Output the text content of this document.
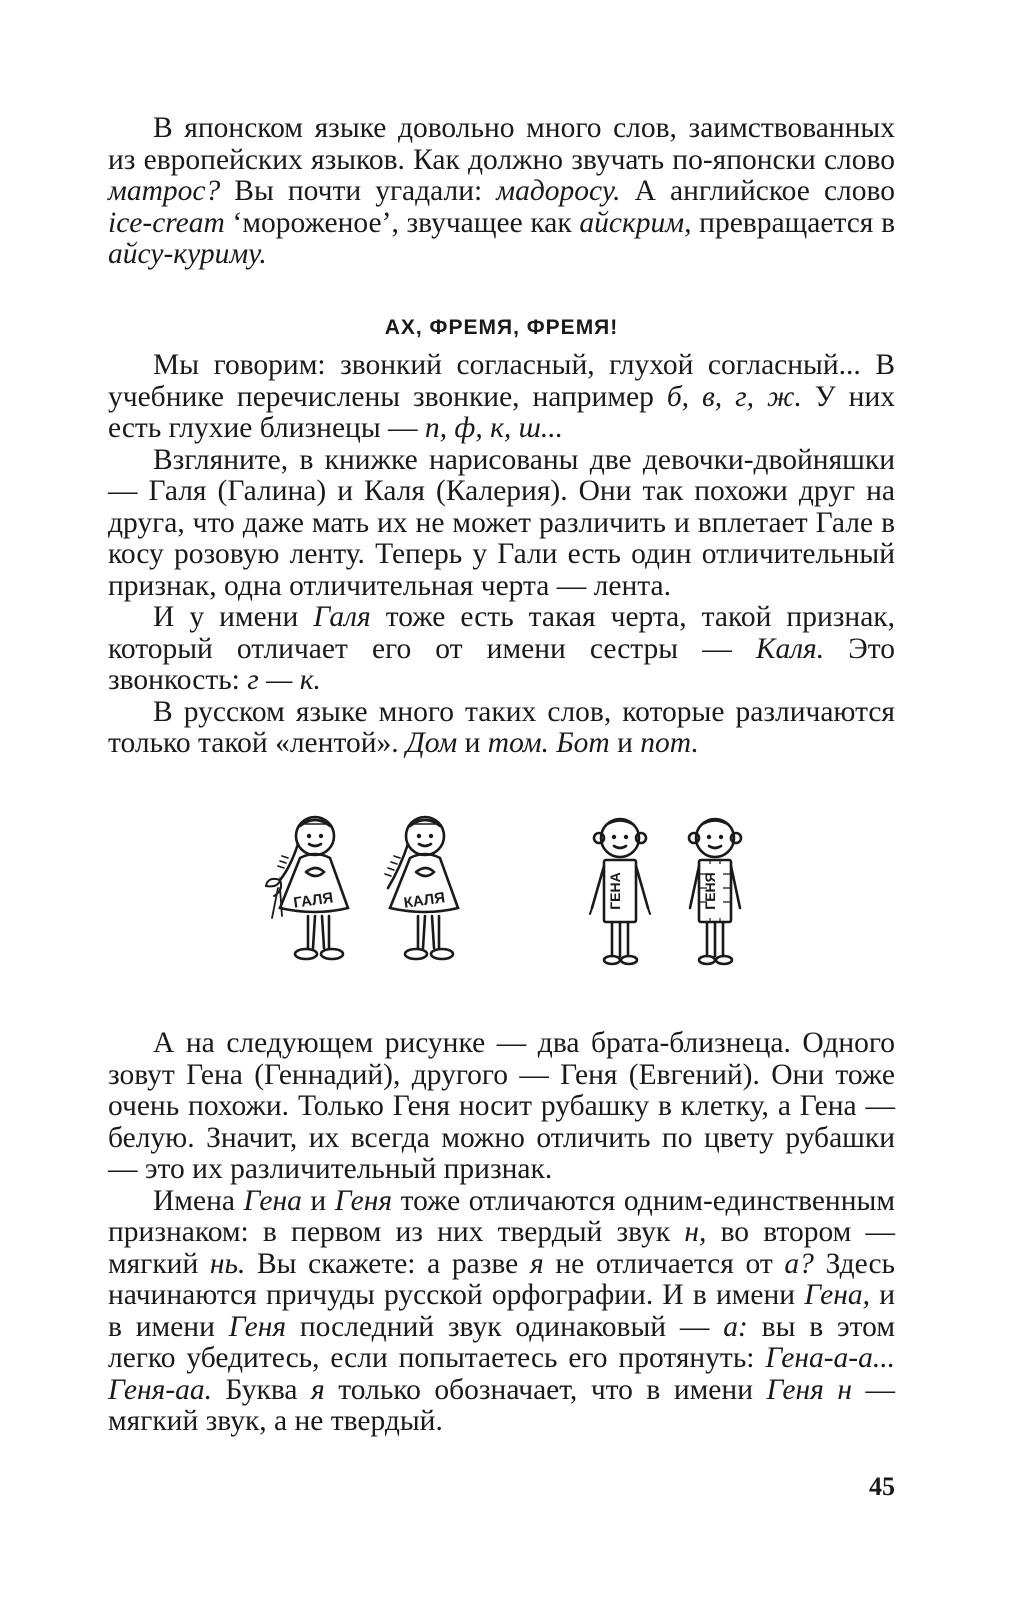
В японском языке довольно много слов, заимствованных из европейских языков. Как должно звучать по-японски слово матрос? Вы почти угадали: мадоросу. А английское слово ice-cream ‘мороженое’, звучащее как айскрим, превращается в айсу-куриму.

АХ, ФРЕМЯ, ФРЕМЯ!

Мы говорим: звонкий согласный, глухой согласный... В учебнике перечислены звонкие, например б, в, г, ж. У них есть глухие близнецы — п, ф, к, ш...

Взгляните, в книжке нарисованы две девочки-двойняшки — Галя (Галина) и Каля (Калерия). Они так похожи друг на друга, что даже мать их не может различить и вплетает Гале в косу розовую ленту. Теперь у Гали есть один отличительный признак, одна отличительная черта — лента.

И у имени Галя тоже есть такая черта, такой признак, который отличает его от имени сестры — Каля. Это звонкость: г — к.

В русском языке много таких слов, которые различаются только такой «лентой». Дом и том. Бот и пот.

ГАЛЯ	КАЛЯ	ГЕНА	ГЕНЯ

А на следующем рисунке — два брата-близнеца. Одного зовут Гена (Геннадий), другого — Геня (Евгений). Они тоже очень похожи. Только Геня носит рубашку в клетку, а Гена — белую. Значит, их всегда можно отличить по цвету рубашки — это их различительный признак.

Имена Гена и Геня тоже отличаются одним-единственным признаком: в первом из них твердый звук н, во втором — мягкий нь. Вы скажете: а разве я не отличается от а? Здесь начинаются причуды русской орфографии. И в имени Гена, и в имени Геня последний звук одинаковый — а: вы в этом легко убедитесь, если попытаетесь его протянуть: Гена-а-а... Геня-аа. Буква я только обозначает, что в имени Геня н — мягкий звук, а не твердый.

45
